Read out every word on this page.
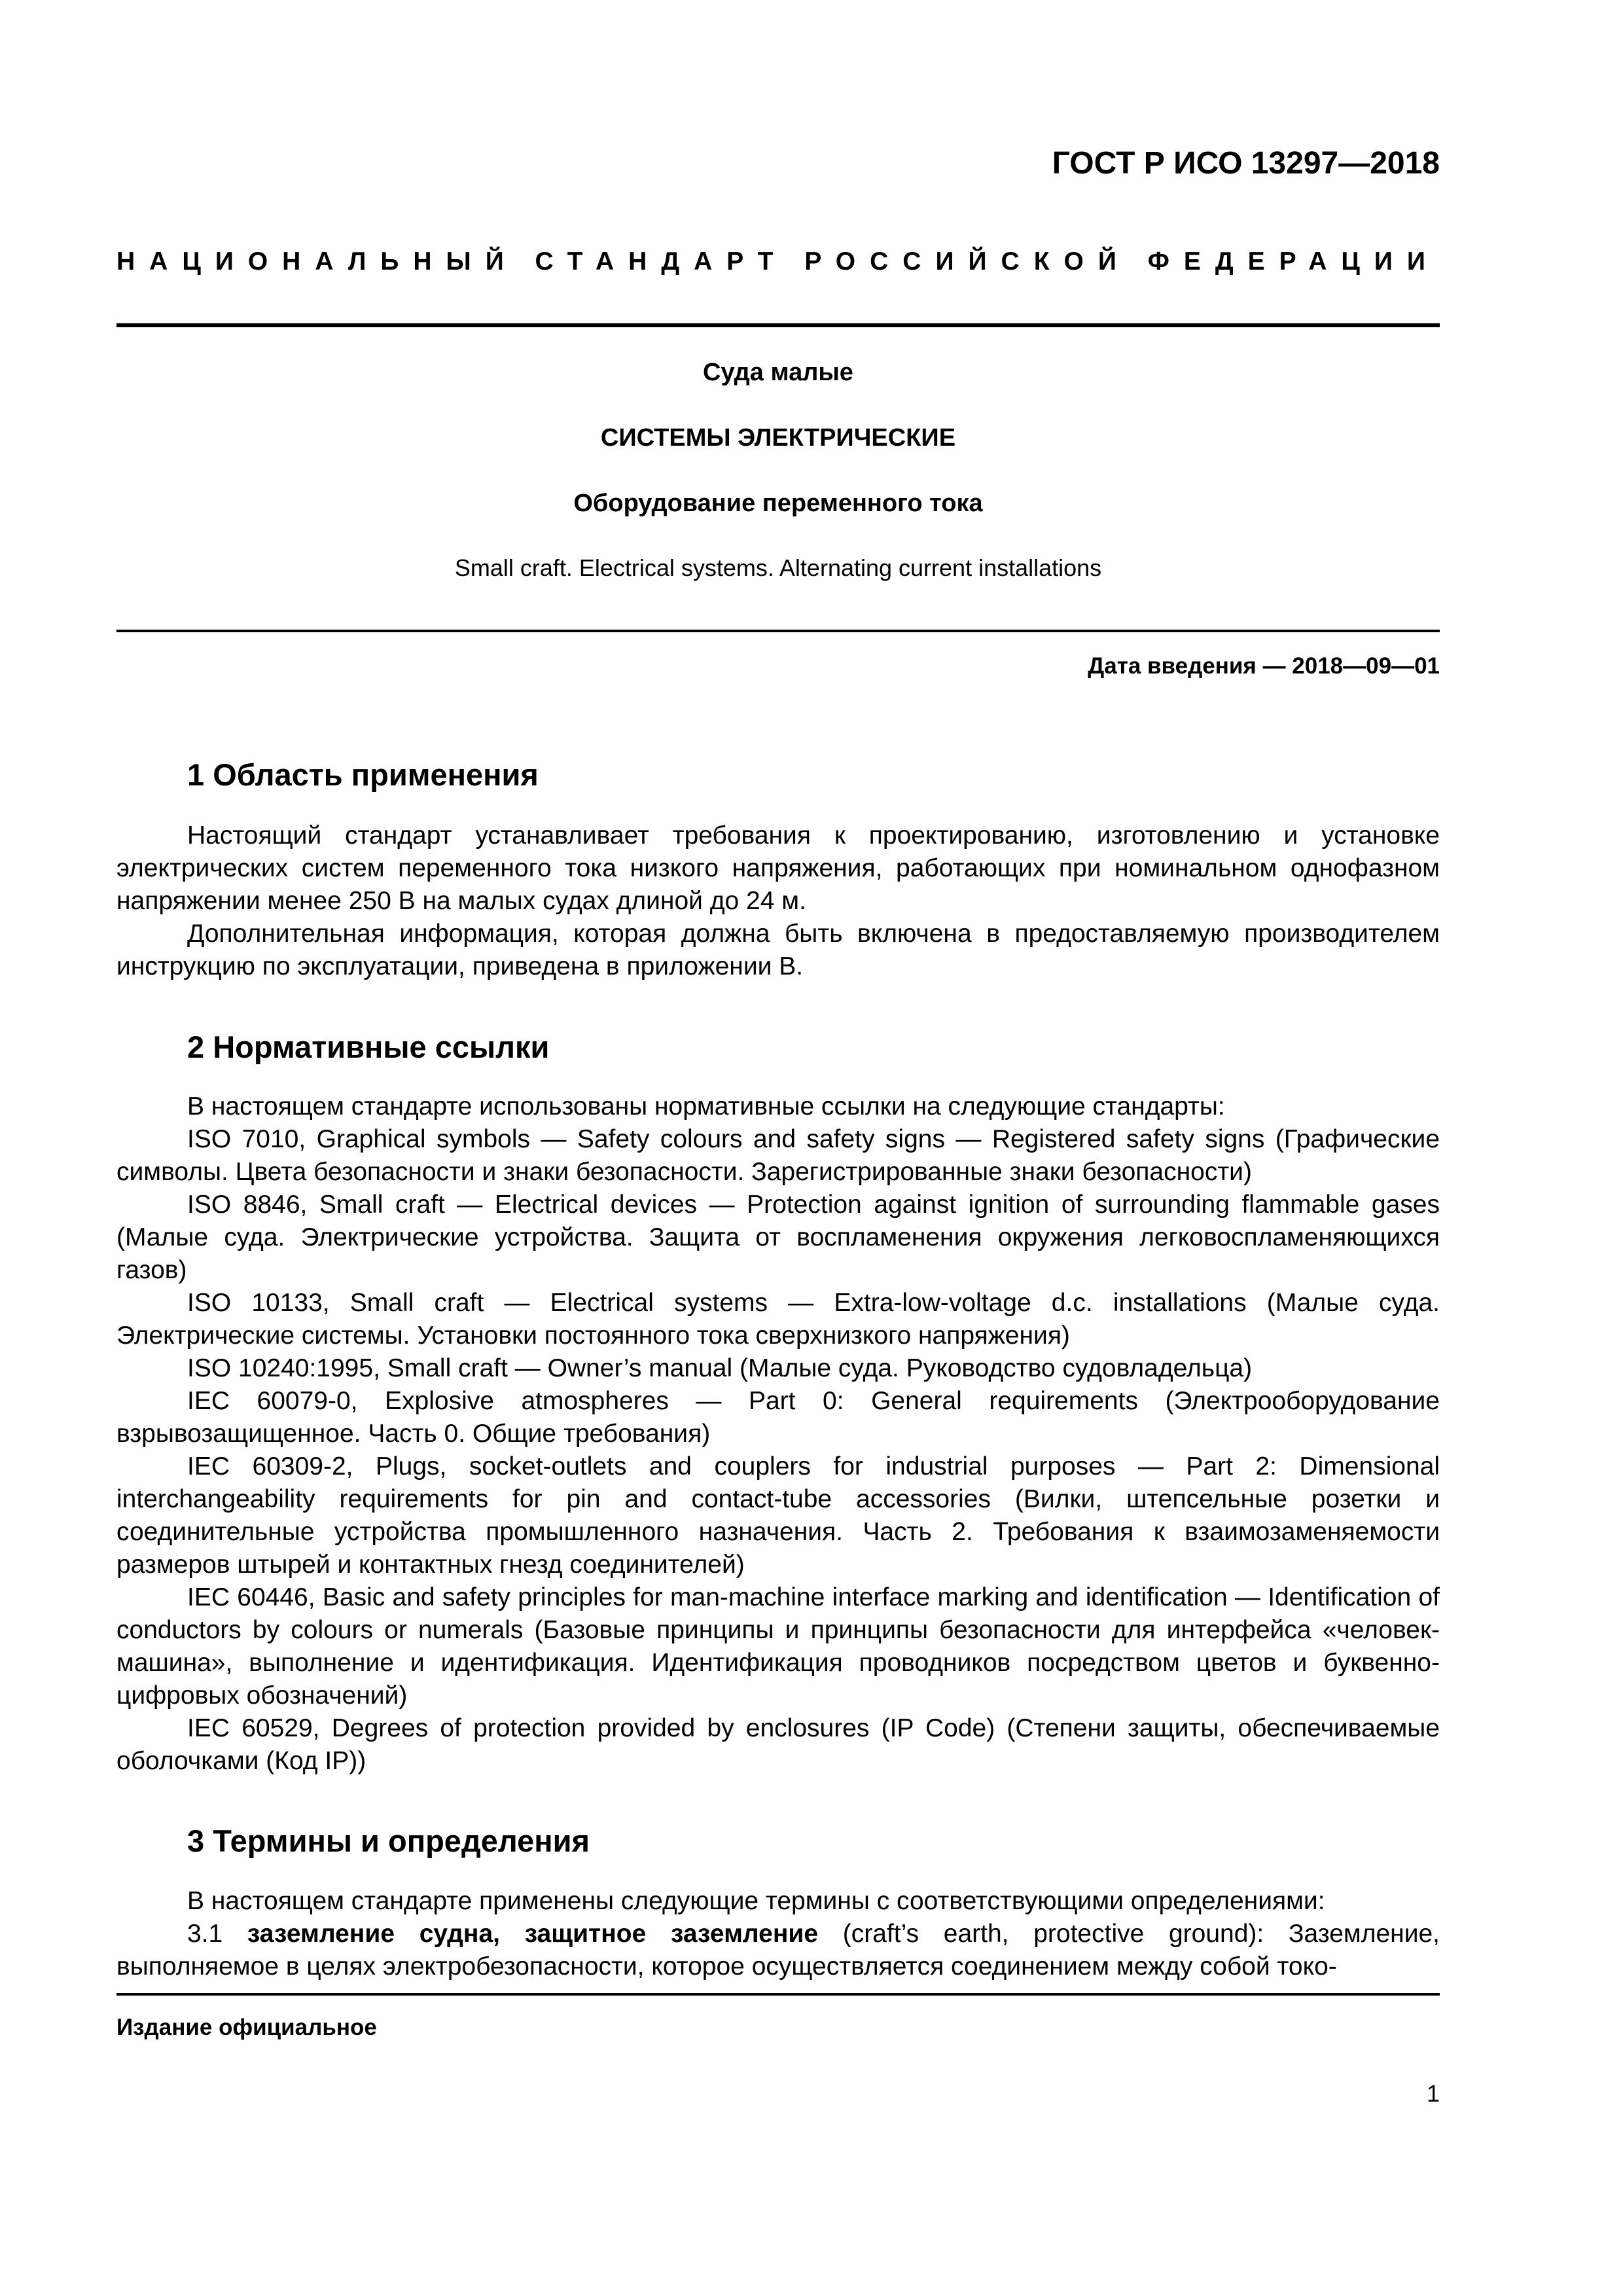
ГОСТ Р ИСО 13297—2018
НАЦИОНАЛЬНЫЙ СТАНДАРТ РОССИЙСКОЙ ФЕДЕРАЦИИ
Суда малые
СИСТЕМЫ ЭЛЕКТРИЧЕСКИЕ
Оборудование переменного тока
Small craft. Electrical systems. Alternating current installations
Дата введения — 2018—09—01
1 Область применения

Настоящий стандарт устанавливает требования к проектированию, изготовлению и установке электрических систем переменного тока низкого напряжения, работающих при номинальном однофазном напряжении менее 250 В на малых судах длиной до 24 м.

Дополнительная информация, которая должна быть включена в предоставляемую производителем инструкцию по эксплуатации, приведена в приложении В.

2 Нормативные ссылки

В настоящем стандарте использованы нормативные ссылки на следующие стандарты:

ISO 7010, Graphical symbols — Safety colours and safety signs — Registered safety signs (Графические символы. Цвета безопасности и знаки безопасности. Зарегистрированные знаки безопасности)

ISO 8846, Small craft — Electrical devices — Protection against ignition of surrounding flammable gases (Малые суда. Электрические устройства. Защита от воспламенения окружения легковоспламеняющихся газов)

ISO 10133, Small craft — Electrical systems — Extra-low-voltage d.c. installations (Малые суда. Электрические системы. Установки постоянного тока сверхнизкого напряжения)

ISO 10240:1995, Small craft — Owner’s manual (Малые суда. Руководство судовладельца)

IEC 60079-0, Explosive atmospheres — Part 0: General requirements (Электрооборудование взрывозащищенное. Часть 0. Общие требования)

IEC 60309-2, Plugs, socket-outlets and couplers for industrial purposes — Part 2: Dimensional interchangeability requirements for pin and contact-tube accessories (Вилки, штепсельные розетки и соединительные устройства промышленного назначения. Часть 2. Требования к взаимозаменяемости размеров штырей и контактных гнезд соединителей)

IEC 60446, Basic and safety principles for man-machine interface marking and identification — Identification of conductors by colours or numerals (Базовые принципы и принципы безопасности для интерфейса «человек-машина», выполнение и идентификация. Идентификация проводников посредством цветов и буквенно-цифровых обозначений)

IEC 60529, Degrees of protection provided by enclosures (IP Code) (Степени защиты, обеспечиваемые оболочками (Код IP))

3 Термины и определения

В настоящем стандарте применены следующие термины с соответствующими определениями:

3.1 заземление судна, защитное заземление (craft’s earth, protective ground): Заземление, выполняемое в целях электробезопасности, которое осуществляется соединением между собой токо-

Издание официальное
1
